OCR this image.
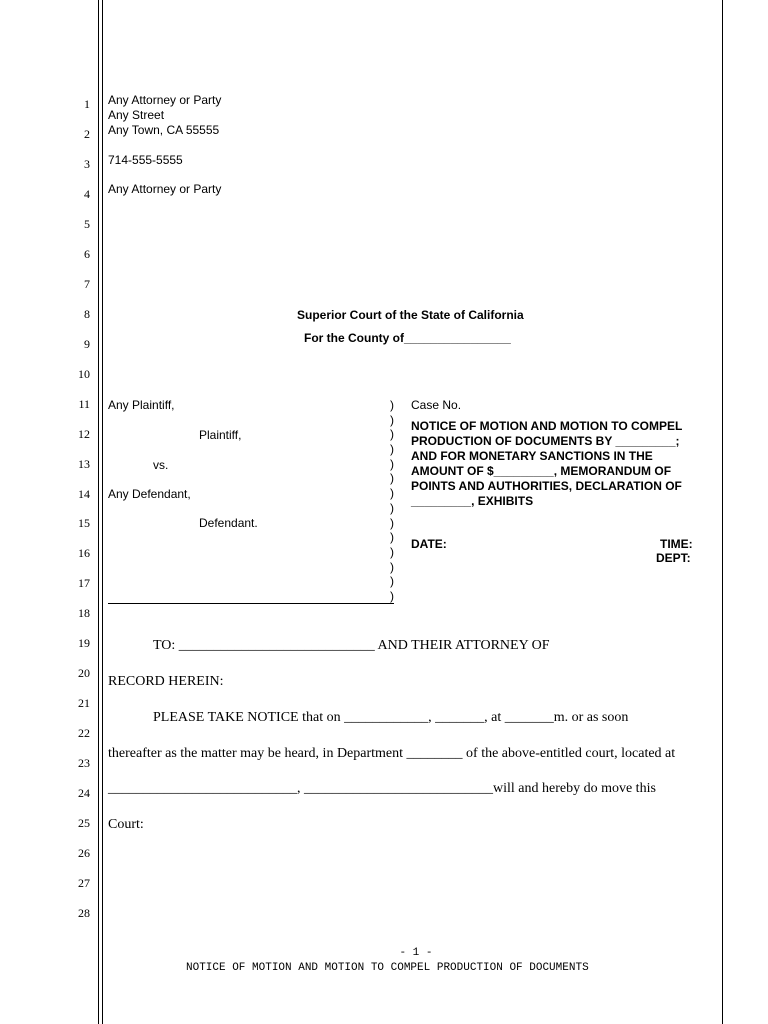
1
2
3
4
5
6
7
8
9
10
11
12
13
14
15
16
17
18
19
20
21
22
23
24
25
26
27
28
Any Attorney or Party
Any Street
Any Town, CA 55555
714-555-5555
Any Attorney or Party
Superior Court of the State of California
For the County of________________
Any Plaintiff,
Plaintiff,
vs.
Any Defendant,
Defendant.
)
)
)
)
)
)
)
)
)
)
)
)
)
)
Case No.
NOTICE OF MOTION AND MOTION TO COMPEL PRODUCTION OF DOCUMENTS BY _________; AND FOR MONETARY SANCTIONS IN THE AMOUNT OF $_________, MEMORANDUM OF POINTS AND AUTHORITIES, DECLARATION OF _________, EXHIBITS
DATE:	TIME:
DEPT:
TO: ____________________________ AND THEIR ATTORNEY OF
RECORD HEREIN:
PLEASE TAKE NOTICE that on ____________, _______, at _______m. or as soon
thereafter as the matter may be heard, in Department ________ of the above-entitled court, located at
___________________________, ___________________________will and hereby do move this
Court:
- 1 -
NOTICE OF MOTION AND MOTION TO COMPEL PRODUCTION OF DOCUMENTS
